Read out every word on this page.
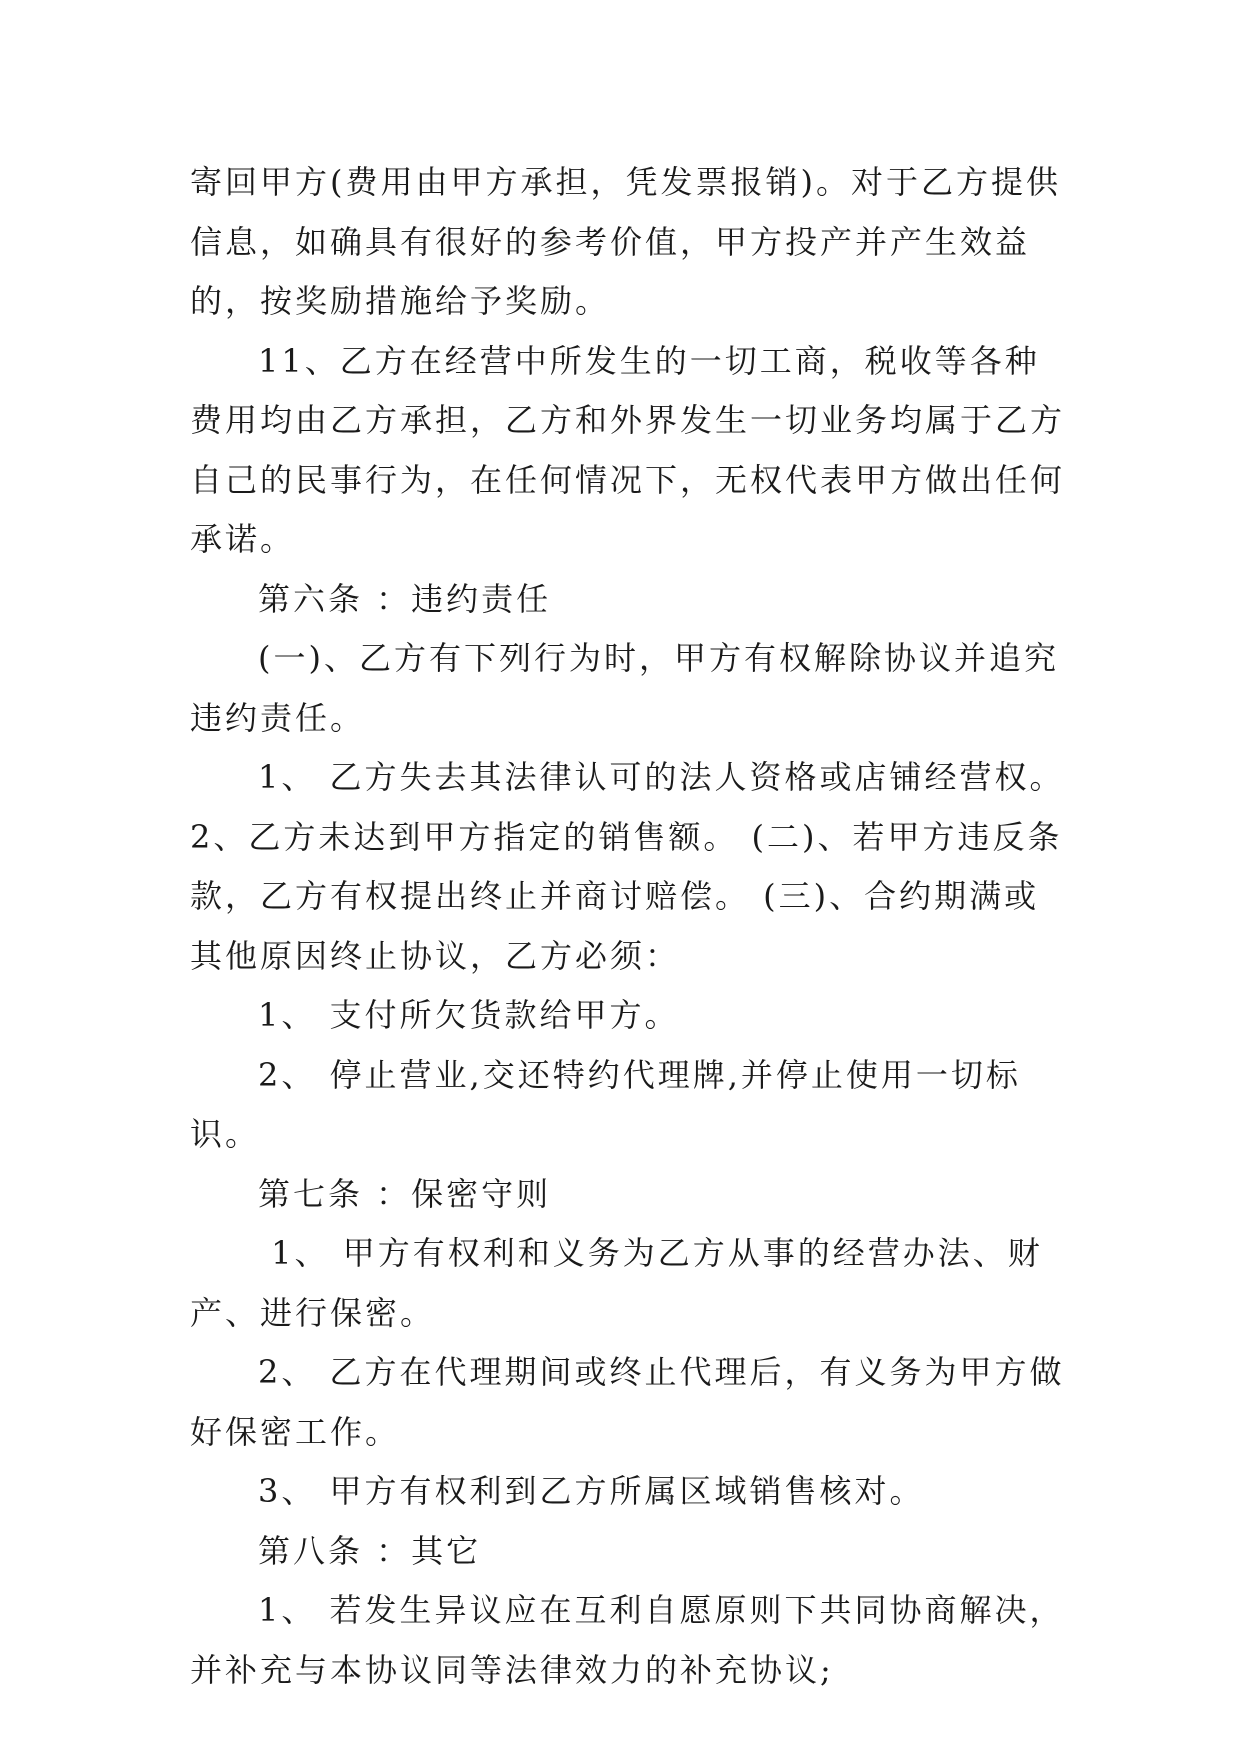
寄回甲方(费用由甲方承担，凭发票报销)。对于乙方提供信息，如确具有很好的参考价值，甲方投产并产生效益的，按奖励措施给予奖励。

11、乙方在经营中所发生的一切工商，税收等各种费用均由乙方承担，乙方和外界发生一切业务均属于乙方自己的民事行为，在任何情况下，无权代表甲方做出任何承诺。

第六条 ：违约责任

(一)、乙方有下列行为时，甲方有权解除协议并追究违约责任。

1、 乙方失去其法律认可的法人资格或店铺经营权。2、乙方未达到甲方指定的销售额。 (二)、若甲方违反条款，乙方有权提出终止并商讨赔偿。 (三)、合约期满或其他原因终止协议，乙方必须：

1、 支付所欠货款给甲方。

2、 停止营业,交还特约代理牌,并停止使用一切标识。

第七条 ：保密守则

1、 甲方有权利和义务为乙方从事的经营办法、财产、进行保密。

2、 乙方在代理期间或终止代理后，有义务为甲方做好保密工作。

3、 甲方有权利到乙方所属区域销售核对。

第八条 ：其它

1、 若发生异议应在互利自愿原则下共同协商解决，并补充与本协议同等法律效力的补充协议;
